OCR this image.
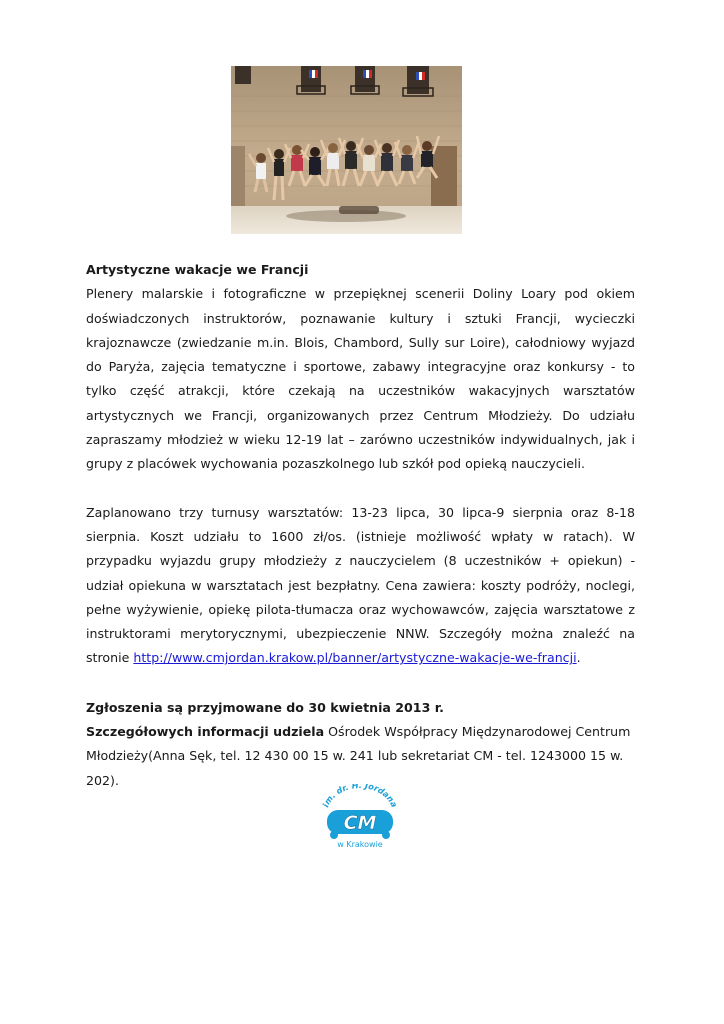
Artystyczne wakacje we Francji

Plenery malarskie i fotograficzne w przepięknej scenerii Doliny Loary pod okiem doświadczonych instruktorów, poznawanie kultury i sztuki Francji, wycieczki krajoznawcze (zwiedzanie m.in. Blois, Chambord, Sully sur Loire), całodniowy wyjazd do Paryża, zajęcia tematyczne i sportowe, zabawy integracyjne oraz konkursy - to tylko część atrakcji, które czekają na uczestników wakacyjnych warsztatów artystycznych we Francji, organizowanych przez Centrum Młodzieży. Do udziału zapraszamy młodzież w wieku 12-19 lat – zarówno uczestników indywidualnych, jak i grupy z placówek wychowania pozaszkolnego lub szkół pod opieką nauczycieli.

Zaplanowano trzy turnusy warsztatów: 13-23 lipca, 30 lipca-9 sierpnia oraz 8-18 sierpnia. Koszt udziału to 1600 zł/os. (istnieje możliwość wpłaty w ratach). W przypadku wyjazdu grupy młodzieży z nauczycielem (8 uczestników + opiekun) - udział opiekuna w warsztatach jest bezpłatny. Cena zawiera: koszty podróży, noclegi, pełne wyżywienie, opiekę pilota-tłumacza oraz wychowawców, zajęcia warsztatowe z instruktorami merytorycznymi, ubezpieczenie NNW. Szczegóły można znaleźć na stronie http://www.cmjordan.krakow.pl/banner/artystyczne-wakacje-we-francji.

Zgłoszenia są przyjmowane do 30 kwietnia 2013 r.

Szczegółowych informacji udziela Ośrodek Współpracy Międzynarodowej Centrum Młodzieży(Anna Sęk, tel. 12 430 00 15 w. 241 lub sekretariat CM - tel. 1243000 15 w. 202).

im. dr. H. Jordana
CM
w Krakowie
